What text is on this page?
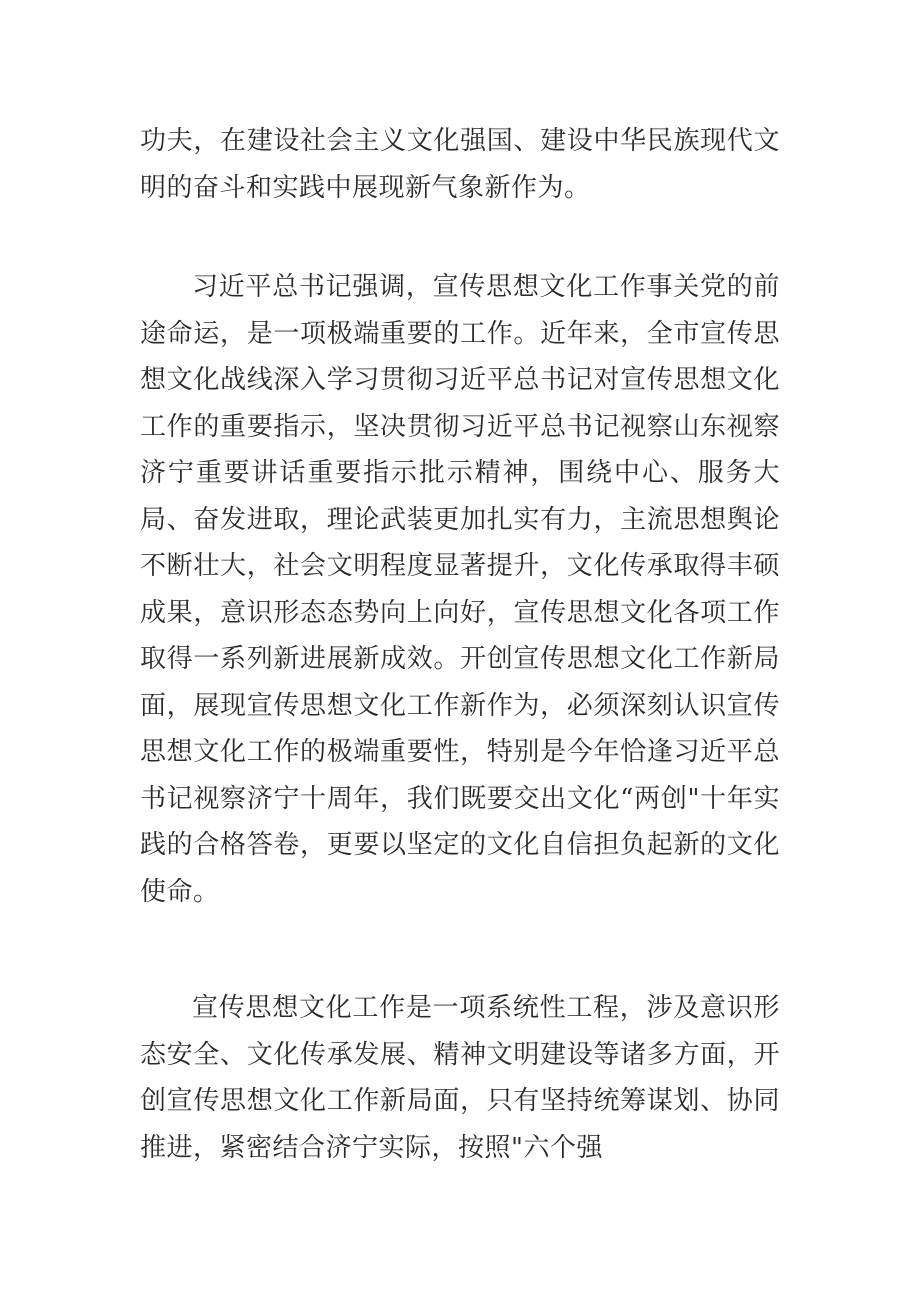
功夫，在建设社会主义文化强国、建设中华民族现代文明的奋斗和实践中展现新气象新作为。

习近平总书记强调，宣传思想文化工作事关党的前途命运，是一项极端重要的工作。近年来，全市宣传思想文化战线深入学习贯彻习近平总书记对宣传思想文化工作的重要指示，坚决贯彻习近平总书记视察山东视察济宁重要讲话重要指示批示精神，围绕中心、服务大局、奋发进取，理论武装更加扎实有力，主流思想舆论不断壮大，社会文明程度显著提升，文化传承取得丰硕成果，意识形态态势向上向好，宣传思想文化各项工作取得一系列新进展新成效。开创宣传思想文化工作新局面，展现宣传思想文化工作新作为，必须深刻认识宣传思想文化工作的极端重要性，特别是今年恰逢习近平总书记视察济宁十周年，我们既要交出文化“两创"十年实践的合格答卷，更要以坚定的文化自信担负起新的文化使命。

宣传思想文化工作是一项系统性工程，涉及意识形态安全、文化传承发展、精神文明建设等诸多方面，开创宣传思想文化工作新局面，只有坚持统筹谋划、协同推进，紧密结合济宁实际，按照"六个强
